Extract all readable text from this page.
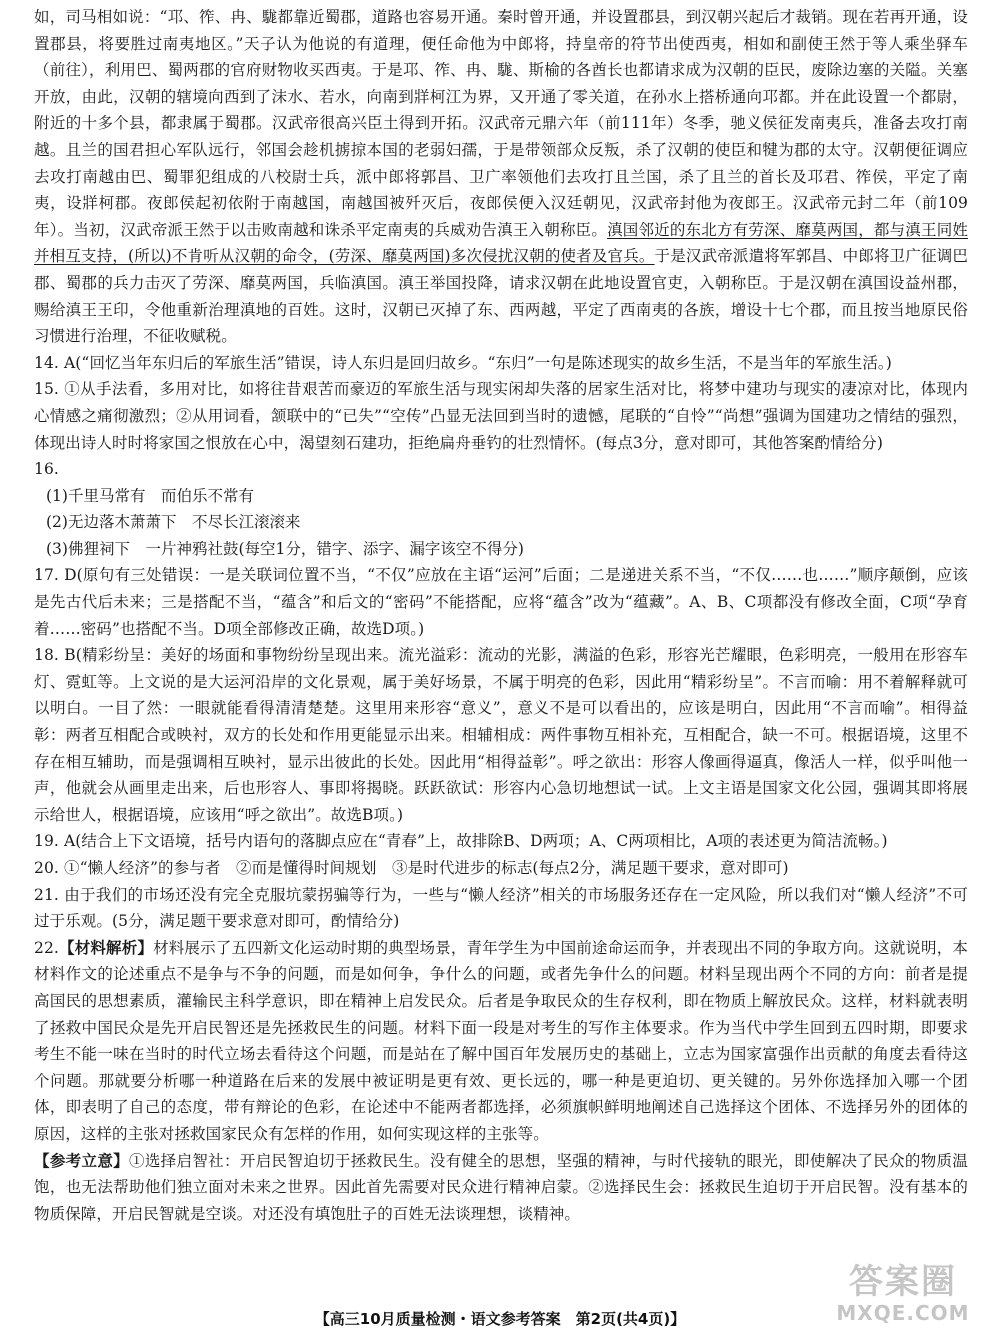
如，司马相如说：“邛、筰、冉、駹都靠近蜀郡，道路也容易开通。秦时曾开通，并设置郡县，到汉朝兴起后才裁销。现在若再开通，设置郡县，将要胜过南夷地区。”天子认为他说的有道理，便任命他为中郎将，持皇帝的符节出使西夷，相如和副使王然于等人乘坐驿车（前往），利用巴、蜀两郡的官府财物收买西夷。于是邛、筰、冉、駹、斯榆的各酋长也都请求成为汉朝的臣民，废除边塞的关隘。关塞开放，由此，汉朝的辖境向西到了沫水、若水，向南到牂柯江为界，又开通了零关道，在孙水上搭桥通向邛都。并在此设置一个都尉，附近的十多个县，都隶属于蜀郡。汉武帝很高兴臣土得到开拓。汉武帝元鼎六年（前111年）冬季，驰义侯征发南夷兵，准备去攻打南越。且兰的国君担心军队远行，邻国会趁机掳掠本国的老弱妇孺，于是带领部众反叛，杀了汉朝的使臣和犍为郡的太守。汉朝便征调应去攻打南越由巴、蜀罪犯组成的八校尉士兵，派中郎将郭昌、卫广率领他们去攻打且兰国，杀了且兰的首长及邛君、筰侯，平定了南夷，设牂柯郡。夜郎侯起初依附于南越国，南越国被歼灭后，夜郎侯便入汉廷朝见，汉武帝封他为夜郎王。汉武帝元封二年（前109年）。当初，汉武帝派王然于以击败南越和诛杀平定南夷的兵威劝告滇王入朝称臣。滇国邻近的东北方有劳深、靡莫两国，都与滇王同姓并相互支持，(所以)不肯听从汉朝的命令，(劳深、靡莫两国)多次侵扰汉朝的使者及官兵。于是汉武帝派遣将军郭昌、中郎将卫广征调巴郡、蜀郡的兵力击灭了劳深、靡莫两国，兵临滇国。滇王举国投降，请求汉朝在此地设置官吏，入朝称臣。于是汉朝在滇国设益州郡，赐给滇王王印，令他重新治理滇地的百姓。这时，汉朝已灭掉了东、西两越，平定了西南夷的各族，增设十七个郡，而且按当地原民俗习惯进行治理，不征收赋税。

14. A(“回忆当年东归后的军旅生活”错误，诗人东归是回归故乡。“东归”一句是陈述现实的故乡生活，不是当年的军旅生活。)

15. ①从手法看，多用对比，如将往昔艰苦而豪迈的军旅生活与现实闲却失落的居家生活对比，将梦中建功与现实的凄凉对比，体现内心情感之痛彻激烈；②从用词看，颔联中的“已失”“空传”凸显无法回到当时的遗憾，尾联的“自怜”“尚想”强调为国建功之情结的强烈，体现出诗人时时将家国之恨放在心中，渴望刻石建功，拒绝扁舟垂钓的壮烈情怀。(每点3分，意对即可，其他答案酌情给分)

16.

(1)千里马常有　而伯乐不常有

(2)无边落木萧萧下　不尽长江滚滚来

(3)佛狸祠下　一片神鸦社鼓(每空1分，错字、添字、漏字该空不得分)

17. D(原句有三处错误：一是关联词位置不当，“不仅”应放在主语“运河”后面；二是递进关系不当，“不仅……也……”顺序颠倒，应该是先古代后未来；三是搭配不当，“蕴含”和后文的“密码”不能搭配，应将“蕴含”改为“蕴藏”。A、B、C项都没有修改全面，C项“孕育着……密码”也搭配不当。D项全部修改正确，故选D项。)

18. B(精彩纷呈：美好的场面和事物纷纷呈现出来。流光溢彩：流动的光影，满溢的色彩，形容光芒耀眼，色彩明亮，一般用在形容车灯、霓虹等。上文说的是大运河沿岸的文化景观，属于美好场景，不属于明亮的色彩，因此用“精彩纷呈”。不言而喻：用不着解释就可以明白。一目了然：一眼就能看得清清楚楚。这里用来形容“意义”，意义不是可以看出的，应该是明白，因此用“不言而喻”。相得益彰：两者互相配合或映衬，双方的长处和作用更能显示出来。相辅相成：两件事物互相补充，互相配合，缺一不可。根据语境，这里不存在相互辅助，而是强调相互映衬，显示出彼此的长处。因此用“相得益彰”。呼之欲出：形容人像画得逼真，像活人一样，似乎叫他一声，他就会从画里走出来，后也形容人、事即将揭晓。跃跃欲试：形容内心急切地想试一试。上文主语是国家文化公园，强调其即将展示给世人，根据语境，应该用“呼之欲出”。故选B项。)

19. A(结合上下文语境，括号内语句的落脚点应在“青春”上，故排除B、D两项；A、C两项相比，A项的表述更为简洁流畅。)

20. ①“懒人经济”的参与者　②而是懂得时间规划　③是时代进步的标志(每点2分，满足题干要求，意对即可)

21. 由于我们的市场还没有完全克服坑蒙拐骗等行为，一些与“懒人经济”相关的市场服务还存在一定风险，所以我们对“懒人经济”不可过于乐观。(5分，满足题干要求意对即可，酌情给分)

22.【材料解析】材料展示了五四新文化运动时期的典型场景，青年学生为中国前途命运而争，并表现出不同的争取方向。这就说明，本材料作文的论述重点不是争与不争的问题，而是如何争，争什么的问题，或者先争什么的问题。材料呈现出两个不同的方向：前者是提高国民的思想素质，灌输民主科学意识，即在精神上启发民众。后者是争取民众的生存权利，即在物质上解放民众。这样，材料就表明了拯救中国民众是先开启民智还是先拯救民生的问题。材料下面一段是对考生的写作主体要求。作为当代中学生回到五四时期，即要求考生不能一味在当时的时代立场去看待这个问题，而是站在了解中国百年发展历史的基础上，立志为国家富强作出贡献的角度去看待这个问题。那就要分析哪一种道路在后来的发展中被证明是更有效、更长远的，哪一种是更迫切、更关键的。另外你选择加入哪一个团体，即表明了自己的态度，带有辩论的色彩，在论述中不能两者都选择，必须旗帜鲜明地阐述自己选择这个团体、不选择另外的团体的原因，这样的主张对拯救国家民众有怎样的作用，如何实现这样的主张等。

【参考立意】①选择启智社：开启民智迫切于拯救民生。没有健全的思想，坚强的精神，与时代接轨的眼光，即使解决了民众的物质温饱，也无法帮助他们独立面对未来之世界。因此首先需要对民众进行精神启蒙。②选择民生会：拯救民生迫切于开启民智。没有基本的物质保障，开启民智就是空谈。对还没有填饱肚子的百姓无法谈理想，谈精神。

【高三10月质量检测・语文参考答案　第2页(共4页)】
答案圈
MXQE.COM
